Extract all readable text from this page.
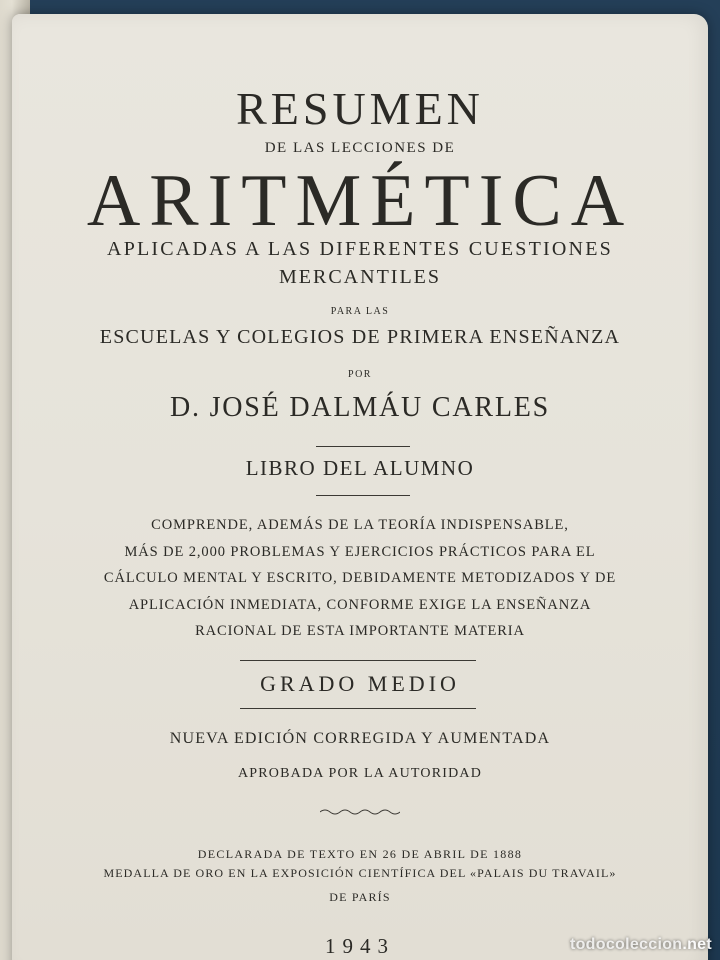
RESUMEN
DE LAS LECCIONES DE
ARITMÉTICA
APLICADAS A LAS DIFERENTES CUESTIONES
MERCANTILES
PARA LAS
ESCUELAS Y COLEGIOS DE PRIMERA ENSEÑANZA
POR
D. JOSÉ DALMÁU CARLES
LIBRO DEL ALUMNO
COMPRENDE, ADEMÁS DE LA TEORÍA INDISPENSABLE,
MÁS DE 2,000 PROBLEMAS Y EJERCICIOS PRÁCTICOS PARA EL
CÁLCULO MENTAL Y ESCRITO, DEBIDAMENTE METODIZADOS Y DE
APLICACIÓN INMEDIATA, CONFORME EXIGE LA ENSEÑANZA
RACIONAL DE ESTA IMPORTANTE MATERIA
GRADO MEDIO
NUEVA EDICIÓN CORREGIDA Y AUMENTADA
APROBADA POR LA AUTORIDAD
DECLARADA DE TEXTO EN 26 DE ABRIL DE 1888
MEDALLA DE ORO EN LA EXPOSICIÓN CIENTÍFICA DEL «PALAIS DU TRAVAIL»
DE PARÍS
1943	todocoleccion.net
